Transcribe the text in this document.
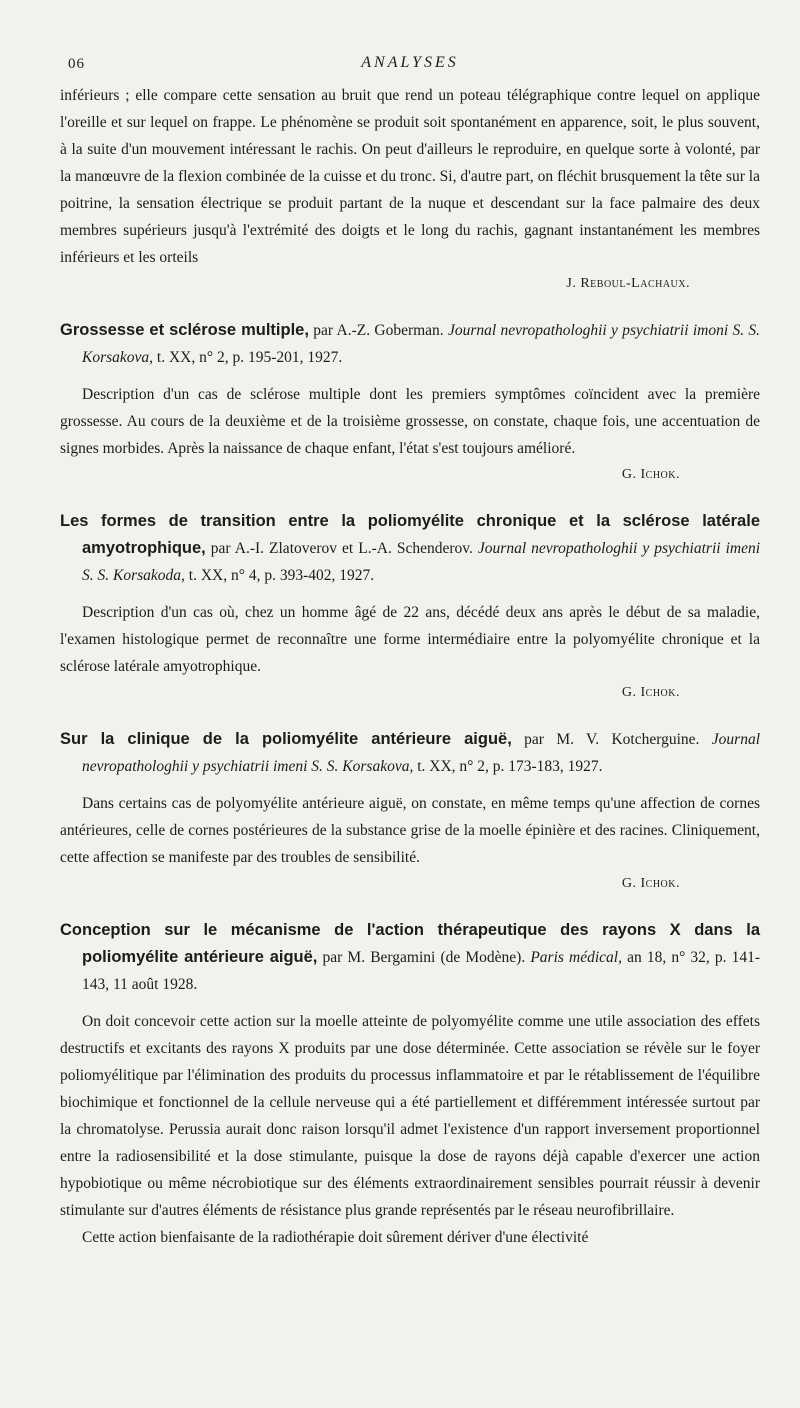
06	ANALYSES

inférieurs ; elle compare cette sensation au bruit que rend un poteau télégraphique contre lequel on applique l'oreille et sur lequel on frappe. Le phénomène se produit soit spontanément en apparence, soit, le plus souvent, à la suite d'un mouvement intéressant le rachis. On peut d'ailleurs le reproduire, en quelque sorte à volonté, par la manœuvre de la flexion combinée de la cuisse et du tronc. Si, d'autre part, on fléchit brusquement la tête sur la poitrine, la sensation électrique se produit partant de la nuque et descendant sur la face palmaire des deux membres supérieurs jusqu'à l'extrémité des doigts et le long du rachis, gagnant instantanément les membres inférieurs et les orteils

J. Reboul-Lachaux.
Grossesse et sclérose multiple, par A.-Z. Goberman. Journal nevropathologhii y psychiatrii imoni S. S. Korsakova, t. XX, n° 2, p. 195-201, 1927.

Description d'un cas de sclérose multiple dont les premiers symptômes coïncident avec la première grossesse. Au cours de la deuxième et de la troisième grossesse, on constate, chaque fois, une accentuation de signes morbides. Après la naissance de chaque enfant, l'état s'est toujours amélioré.

G. Ichok.
Les formes de transition entre la poliomyélite chronique et la sclérose latérale amyotrophique, par A.-I. Zlatoverov et L.-A. Schenderov. Journal nevropathologhii y psychiatrii imeni S. S. Korsakoda, t. XX, n° 4, p. 393-402, 1927.

Description d'un cas où, chez un homme âgé de 22 ans, décédé deux ans après le début de sa maladie, l'examen histologique permet de reconnaître une forme intermédiaire entre la polyomyélite chronique et la sclérose latérale amyotrophique.

G. Ichok.
Sur la clinique de la poliomyélite antérieure aiguë, par M. V. Kotcherguine. Journal nevropathologhii y psychiatrii imeni S. S. Korsakova, t. XX, n° 2, p. 173-183, 1927.

Dans certains cas de polyomyélite antérieure aiguë, on constate, en même temps qu'une affection de cornes antérieures, celle de cornes postérieures de la substance grise de la moelle épinière et des racines. Cliniquement, cette affection se manifeste par des troubles de sensibilité.

G. Ichok.
Conception sur le mécanisme de l'action thérapeutique des rayons X dans la poliomyélite antérieure aiguë, par M. Bergamini (de Modène). Paris médical, an 18, n° 32, p. 141-143, 11 août 1928.

On doit concevoir cette action sur la moelle atteinte de polyomyélite comme une utile association des effets destructifs et excitants des rayons X produits par une dose déterminée. Cette association se révèle sur le foyer poliomyélitique par l'élimination des produits du processus inflammatoire et par le rétablissement de l'équilibre biochimique et fonctionnel de la cellule nerveuse qui a été partiellement et différemment intéressée surtout par la chromatolyse. Perussia aurait donc raison lorsqu'il admet l'existence d'un rapport inversement proportionnel entre la radiosensibilité et la dose stimulante, puisque la dose de rayons déjà capable d'exercer une action hypobiotique ou même nécrobiotique sur des éléments extraordinairement sensibles pourrait réussir à devenir stimulante sur d'autres éléments de résistance plus grande représentés par le réseau neurofibrillaire.

Cette action bienfaisante de la radiothérapie doit sûrement dériver d'une électivité
